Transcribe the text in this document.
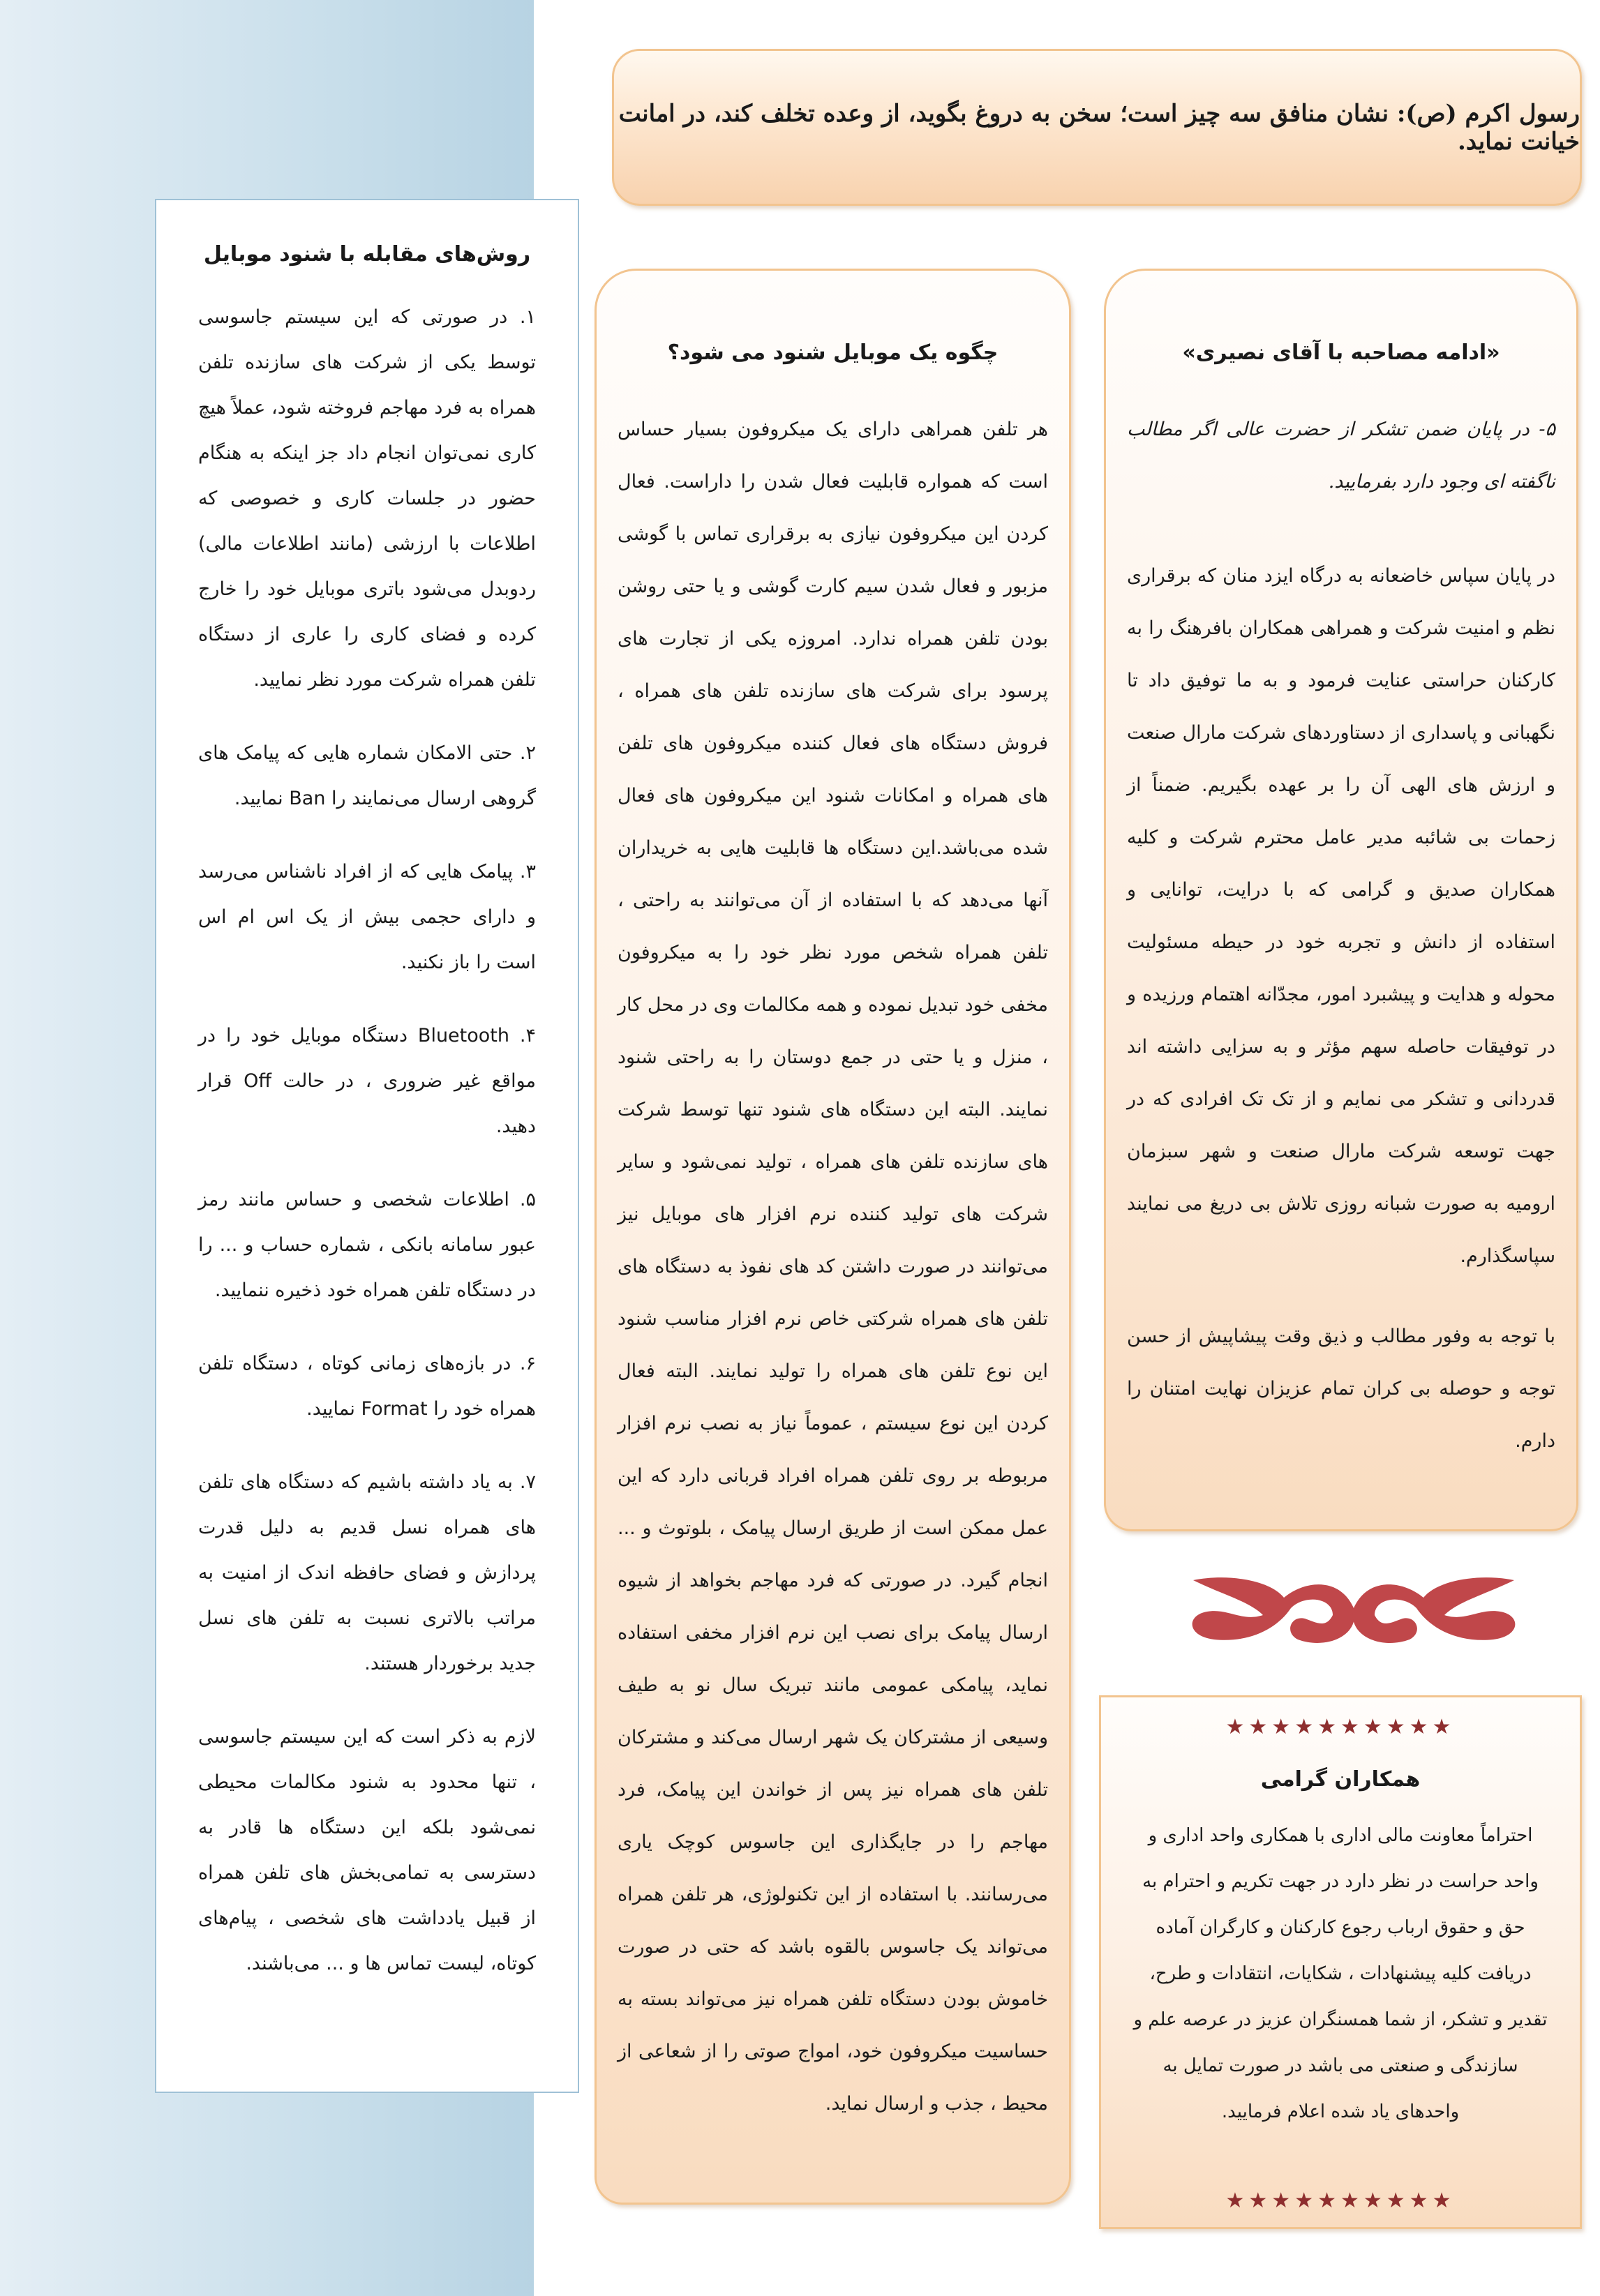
رسول اکرم (ص): نشان منافق سه چیز است؛ سخن به دروغ بگوید، از وعده تخلف کند، در امانت خیانت نماید.

روش‌های مقابله با شنود موبایل

۱. در صورتی که این سیستم جاسوسی توسط یکی از شرکت های سازنده تلفن همراه به فرد مهاجم فروخته شود، عملاً هیچ کاری نمی‌توان انجام داد جز اینکه به هنگام حضور در جلسات کاری و خصوصی که اطلاعات با ارزشی (مانند اطلاعات مالی) ردوبدل می‌شود باتری موبایل خود را خارج کرده و فضای کاری را عاری از دستگاه تلفن همراه شرکت مورد نظر نمایید.

۲. حتی الامکان شماره هایی که پیامک های گروهی ارسال می‌نمایند را Ban نمایید.

۳. پیامک هایی که از افراد ناشناس می‌رسد و دارای حجمی بیش از یک اس ام اس است را باز نکنید.

۴. Bluetooth دستگاه موبایل خود را در مواقع غیر ضروری ، در حالت Off قرار دهید.

۵. اطلاعات شخصی و حساس مانند رمز عبور سامانه بانکی ، شماره حساب و ... را در دستگاه تلفن همراه خود ذخیره ننمایید.

۶. در بازه‌های زمانی کوتاه ، دستگاه تلفن همراه خود را Format نمایید.

۷. به یاد داشته باشیم که دستگاه های تلفن های همراه نسل قدیم به دلیل قدرت پردازش و فضای حافظه اندک از امنیت به مراتب بالاتری نسبت به تلفن های نسل جدید برخوردار هستند.

لازم به ذکر است که این سیستم جاسوسی ، تنها محدود به شنود مکالمات محیطی نمی‌شود بلکه این دستگاه ها قادر به دسترسی به تمامی‌بخش های تلفن همراه از قبیل یادداشت های شخصی ، پیام‌های کوتاه، لیست تماس ها و ... می‌باشند.

چگوه یک موبایل شنود می شود؟

هر تلفن همراهی دارای یک میکروفون بسیار حساس است که همواره قابلیت فعال شدن را داراست. فعال کردن این میکروفون نیازی به برقراری تماس با گوشی مزبور و فعال شدن سیم کارت گوشی و یا حتی روشن بودن تلفن همراه ندارد. امروزه یکی از تجارت های پرسود برای شرکت های سازنده تلفن های همراه ، فروش دستگاه های فعال کننده میکروفون های تلفن های همراه و امکانات شنود این میکروفون های فعال شده می‌باشد.این دستگاه ها قابلیت هایی به خریداران آنها می‌دهد که با استفاده از آن می‌توانند به راحتی ، تلفن همراه شخص مورد نظر خود را به میکروفون مخفی خود تبدیل نموده و همه مکالمات وی در محل کار ، منزل و یا حتی در جمع دوستان را به راحتی شنود نمایند. البته این دستگاه های شنود تنها توسط شرکت های سازنده تلفن های همراه ، تولید نمی‌شود و سایر شرکت های تولید کننده نرم افزار های موبایل نیز می‌توانند در صورت داشتن کد های نفوذ به دستگاه های تلفن های همراه شرکتی خاص نرم افزار مناسب شنود این نوع تلفن های همراه را تولید نمایند. البته فعال کردن این نوع سیستم ، عموماً نیاز به نصب نرم افزار مربوطه بر روی تلفن همراه افراد قربانی دارد که این عمل ممکن است از طریق ارسال پیامک ، بلوتوث و ... انجام گیرد. در صورتی که فرد مهاجم بخواهد از شیوه ارسال پیامک برای نصب این نرم افزار مخفی استفاده نماید، پیامکی عمومی مانند تبریک سال نو به طیف وسیعی از مشترکان یک شهر ارسال می‌کند و مشترکان تلفن های همراه نیز پس از خواندن این پیامک، فرد مهاجم را در جایگذاری این جاسوس کوچک یاری می‌رسانند. با استفاده از این تکنولوژی، هر تلفن همراه می‌تواند یک جاسوس بالقوه باشد که حتی در صورت خاموش بودن دستگاه تلفن همراه نیز می‌تواند بسته به حساسیت میکروفون خود، امواج صوتی را از شعاعی از محیط ، جذب و ارسال نماید.

«ادامه مصاحبه با آقای نصیری»

۵- در پایان ضمن تشکر از حضرت عالی اگر مطالب ناگفته ای وجود دارد بفرمایید.

در پایان سپاس خاضعانه به درگاه ایزد منان که برقراری نظم و امنیت شرکت و همراهی همکاران بافرهنگ را به کارکنان حراستی عنایت فرمود و به ما توفیق داد تا نگهبانی و پاسداری از دستاوردهای شرکت مارال صنعت و ارزش های الهی آن را بر عهده بگیریم. ضمناً از زحمات بی شائبه مدیر عامل محترم شرکت و کلیه همکاران صدیق و گرامی که با درایت، توانایی و استفاده از دانش و تجربه خود در حیطه مسئولیت محوله و هدایت و پیشبرد امور، مجدّانه اهتمام ورزیده و در توفیقات حاصله سهم مؤثر و به سزایی داشته اند قدردانی و تشکر می نمایم و از تک تک افرادی که در جهت توسعه شرکت مارال صنعت و شهر سبزمان ارومیه به صورت شبانه روزی تلاش بی دریغ می نمایند سپاسگذارم.

با توجه به وفور مطالب و ذیق وقت پیشاپیش از حسن توجه و حوصله بی کران تمام عزیزان نهایت امتنان را دارم.

★★★★★★★★★★
همکاران گرامی

احتراماً معاونت مالی اداری با همکاری واحد اداری و واحد حراست در نظر دارد در جهت تکریم و احترام به حق و حقوق ارباب رجوع کارکنان و کارگران آماده دریافت کلیه پیشنهادات ، شکایات، انتقادات و طرح، تقدیر و تشکر، از شما همسنگران عزیز در عرصه علم و سازندگی و صنعتی می باشد در صورت تمایل به واحدهای یاد شده اعلام فرمایید.

★★★★★★★★★★
